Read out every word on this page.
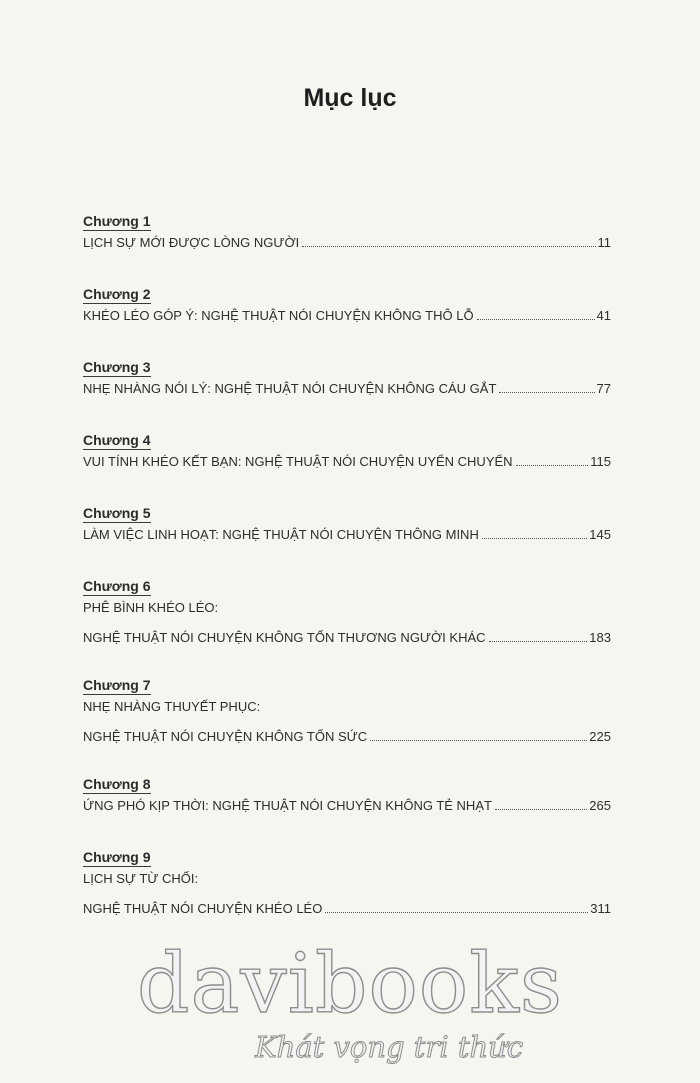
Mục lục
Chương 1
LỊCH SỰ MỚI ĐƯỢC LÒNG NGƯỜI	11
Chương 2
KHÉO LÉO GÓP Ý: NGHỆ THUẬT NÓI CHUYỆN KHÔNG THÔ LỖ	41
Chương 3
NHẸ NHÀNG NÓI LÝ: NGHỆ THUẬT NÓI CHUYỆN KHÔNG CÁU GẮT	77
Chương 4
VUI TÍNH KHÉO KẾT BẠN: NGHỆ THUẬT NÓI CHUYỆN UYỂN CHUYỂN	115
Chương 5
LÀM VIỆC LINH HOẠT: NGHỆ THUẬT NÓI CHUYỆN THÔNG MINH	145
Chương 6
PHÊ BÌNH KHÉO LÉO:
NGHỆ THUẬT NÓI CHUYỆN KHÔNG TỔN THƯƠNG NGƯỜI KHÁC	183
Chương 7
NHẸ NHÀNG THUYẾT PHỤC:
NGHỆ THUẬT NÓI CHUYỆN KHÔNG TỐN SỨC	225
Chương 8
ỨNG PHÓ KỊP THỜI: NGHỆ THUẬT NÓI CHUYỆN KHÔNG TẺ NHẠT	265
Chương 9
LỊCH SỰ TỪ CHỐI:
NGHỆ THUẬT NÓI CHUYỆN KHÉO LÉO	311
davibooks
Khát vọng tri thức
